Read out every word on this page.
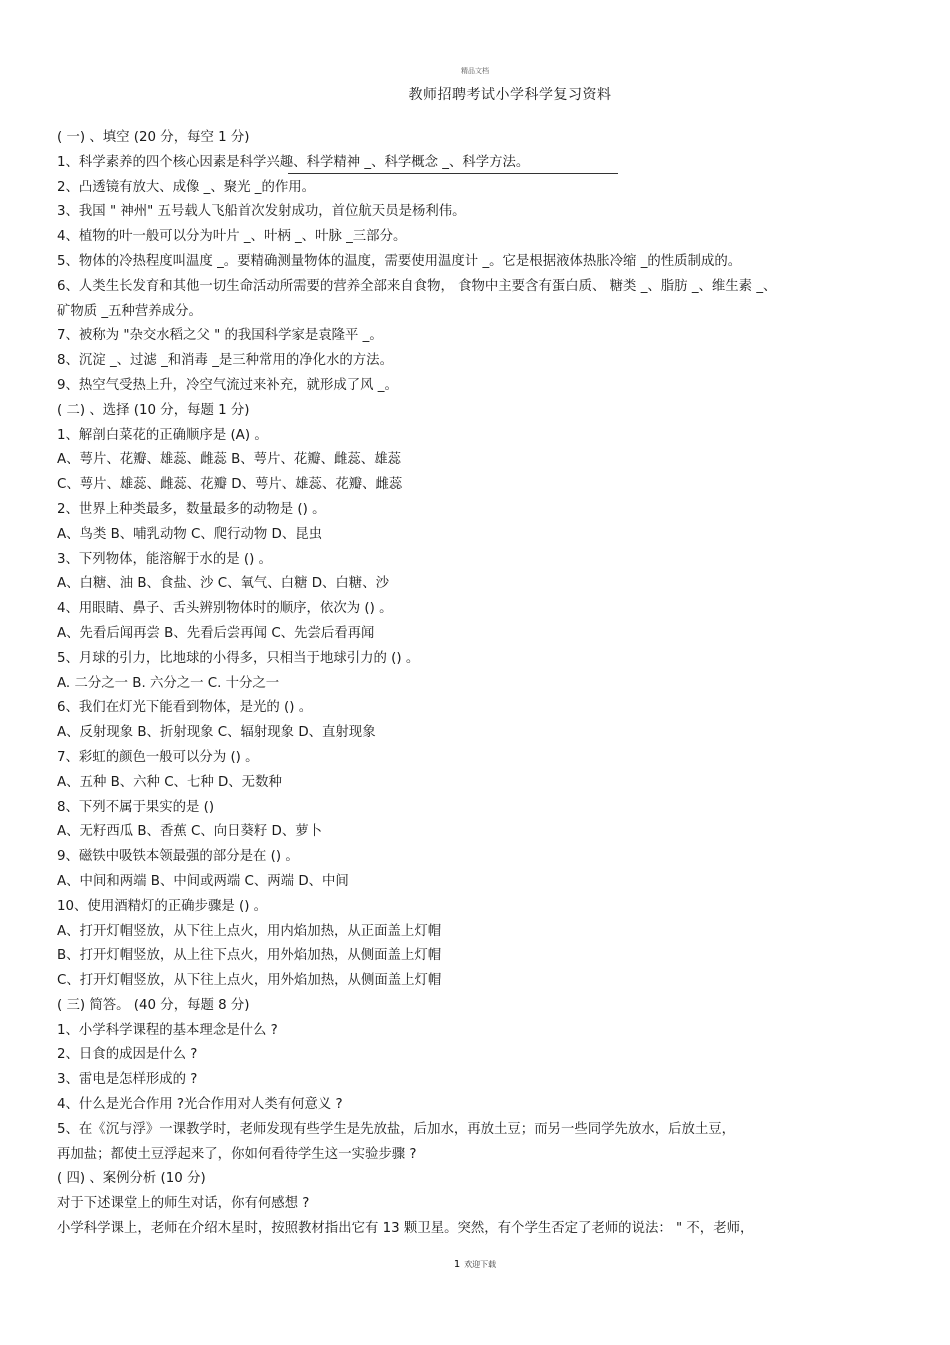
精品文档
教师招聘考试小学科学复习资料
( 一) 、填空 (20 分，每空 1 分)
1、科学素养的四个核心因素是科学兴趣、科学精神 _、科学概念 _、科学方法。
2、凸透镜有放大、成像 _、聚光 _的作用。
3、我国 " 神州" 五号载人飞船首次发射成功，首位航天员是杨利伟。
4、植物的叶一般可以分为叶片 _、叶柄 _、叶脉 _三部分。
5、物体的冷热程度叫温度 _。要精确测量物体的温度，需要使用温度计 _。它是根据液体热胀冷缩 _的性质制成的。
6、人类生长发育和其他一切生命活动所需要的营养全部来自食物， 食物中主要含有蛋白质、 糖类 _、脂肪 _、维生素 _、
矿物质 _五种营养成分。
7、被称为 "杂交水稻之父 " 的我国科学家是袁隆平 _。
8、沉淀 _、过滤 _和消毒 _是三种常用的净化水的方法。
9、热空气受热上升，冷空气流过来补充，就形成了风 _。
( 二) 、选择 (10 分，每题 1 分)
1、解剖白菜花的正确顺序是 (A) 。
A、萼片、花瓣、雄蕊、雌蕊 B、萼片、花瓣、雌蕊、雄蕊
C、萼片、雄蕊、雌蕊、花瓣 D、萼片、雄蕊、花瓣、雌蕊
2、世界上种类最多，数量最多的动物是 () 。
A、鸟类 B、哺乳动物 C、爬行动物 D、昆虫
3、下列物体，能溶解于水的是 () 。
A、白糖、油 B、食盐、沙 C、氧气、白糖 D、白糖、沙
4、用眼睛、鼻子、舌头辨别物体时的顺序，依次为 () 。
A、先看后闻再尝 B、先看后尝再闻 C、先尝后看再闻
5、月球的引力，比地球的小得多，只相当于地球引力的 () 。
A. 二分之一 B. 六分之一 C. 十分之一
6、我们在灯光下能看到物体，是光的 () 。
A、反射现象 B、折射现象 C、辐射现象 D、直射现象
7、彩虹的颜色一般可以分为 () 。
A、五种 B、六种 C、七种 D、无数种
8、下列不属于果实的是 ()
A、无籽西瓜 B、香蕉 C、向日葵籽 D、萝卜
9、磁铁中吸铁本领最强的部分是在 () 。
A、中间和两端 B、中间或两端 C、两端 D、中间
10、使用酒精灯的正确步骤是 () 。
A、打开灯帽竖放，从下往上点火，用内焰加热，从正面盖上灯帽
B、打开灯帽竖放，从上往下点火，用外焰加热，从侧面盖上灯帽
C、打开灯帽竖放，从下往上点火，用外焰加热，从侧面盖上灯帽
( 三) 简答。 (40 分，每题 8 分)
1、小学科学课程的基本理念是什么 ?
2、日食的成因是什么 ?
3、雷电是怎样形成的 ?
4、什么是光合作用 ?光合作用对人类有何意义 ?
5、在《沉与浮》一课教学时，老师发现有些学生是先放盐，后加水，再放土豆；而另一些同学先放水，后放土豆，
再加盐；都使土豆浮起来了，你如何看待学生这一实验步骤 ?
( 四) 、案例分析 (10 分)
对于下述课堂上的师生对话，你有何感想 ?
小学科学课上，老师在介绍木星时，按照教材指出它有 13 颗卫星。突然，有个学生否定了老师的说法： " 不，老师，
1 欢迎下载
